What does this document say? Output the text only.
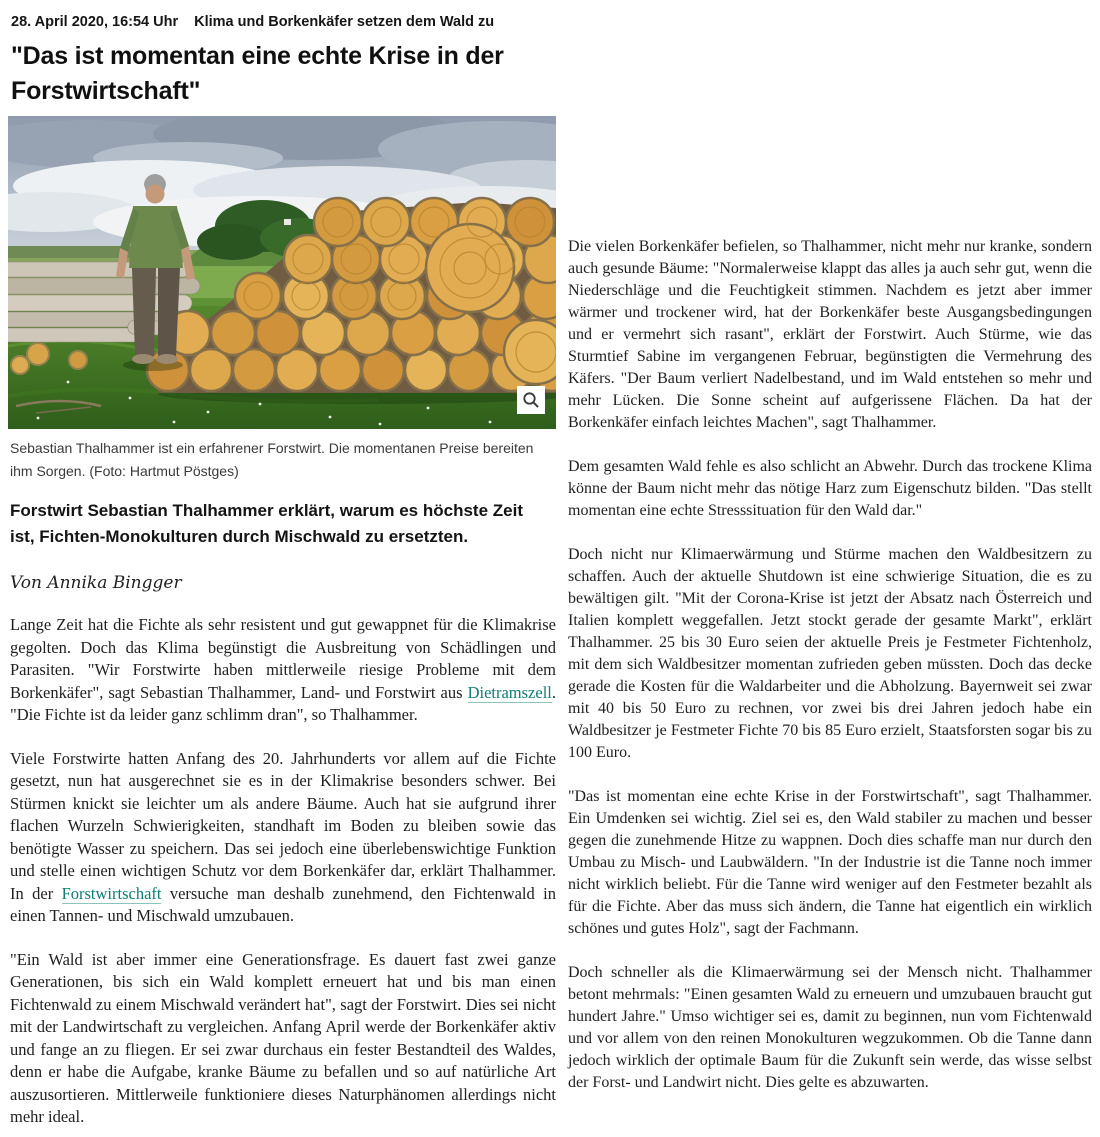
28. April 2020, 16:54 Uhr Klima und Borkenkäfer setzen dem Wald zu
"Das ist momentan eine echte Krise in der Forstwirtschaft"
Sebastian Thalhammer ist ein erfahrener Forstwirt. Die momentanen Preise bereiten ihm Sorgen. (Foto: Hartmut Pöstges)

Forstwirt Sebastian Thalhammer erklärt, warum es höchste Zeit ist, Fichten-Monokulturen durch Mischwald zu ersetzten.

Von Annika Bingger

Lange Zeit hat die Fichte als sehr resistent und gut gewappnet für die Klimakrise gegolten. Doch das Klima begünstigt die Ausbreitung von Schädlingen und Parasiten. "Wir Forstwirte haben mittlerweile riesige Probleme mit dem Borkenkäfer", sagt Sebastian Thalhammer, Land- und Forstwirt aus Dietramszell. "Die Fichte ist da leider ganz schlimm dran", so Thalhammer.

Viele Forstwirte hatten Anfang des 20. Jahrhunderts vor allem auf die Fichte gesetzt, nun hat ausgerechnet sie es in der Klimakrise besonders schwer. Bei Stürmen knickt sie leichter um als andere Bäume. Auch hat sie aufgrund ihrer flachen Wurzeln Schwierigkeiten, standhaft im Boden zu bleiben sowie das benötigte Wasser zu speichern. Das sei jedoch eine überlebenswichtige Funktion und stelle einen wichtigen Schutz vor dem Borkenkäfer dar, erklärt Thalhammer. In der Forstwirtschaft versuche man deshalb zunehmend, den Fichtenwald in einen Tannen- und Mischwald umzubauen.

"Ein Wald ist aber immer eine Generationsfrage. Es dauert fast zwei ganze Generationen, bis sich ein Wald komplett erneuert hat und bis man einen Fichtenwald zu einem Mischwald verändert hat", sagt der Forstwirt. Dies sei nicht mit der Landwirtschaft zu vergleichen. Anfang April werde der Borkenkäfer aktiv und fange an zu fliegen. Er sei zwar durchaus ein fester Bestandteil des Waldes, denn er habe die Aufgabe, kranke Bäume zu befallen und so auf natürliche Art auszusortieren. Mittlerweile funktioniere dieses Naturphänomen allerdings nicht mehr ideal.

Die vielen Borkenkäfer befielen, so Thalhammer, nicht mehr nur kranke, sondern auch gesunde Bäume: "Normalerweise klappt das alles ja auch sehr gut, wenn die Niederschläge und die Feuchtigkeit stimmen. Nachdem es jetzt aber immer wärmer und trockener wird, hat der Borkenkäfer beste Ausgangsbedingungen und er vermehrt sich rasant", erklärt der Forstwirt. Auch Stürme, wie das Sturmtief Sabine im vergangenen Februar, begünstigten die Vermehrung des Käfers. "Der Baum verliert Nadelbestand, und im Wald entstehen so mehr und mehr Lücken. Die Sonne scheint auf aufgerissene Flächen. Da hat der Borkenkäfer einfach leichtes Machen", sagt Thalhammer.

Dem gesamten Wald fehle es also schlicht an Abwehr. Durch das trockene Klima könne der Baum nicht mehr das nötige Harz zum Eigenschutz bilden. "Das stellt momentan eine echte Stresssituation für den Wald dar."

Doch nicht nur Klimaerwärmung und Stürme machen den Waldbesitzern zu schaffen. Auch der aktuelle Shutdown ist eine schwierige Situation, die es zu bewältigen gilt. "Mit der Corona-Krise ist jetzt der Absatz nach Österreich und Italien komplett weggefallen. Jetzt stockt gerade der gesamte Markt", erklärt Thalhammer. 25 bis 30 Euro seien der aktuelle Preis je Festmeter Fichtenholz, mit dem sich Waldbesitzer momentan zufrieden geben müssten. Doch das decke gerade die Kosten für die Waldarbeiter und die Abholzung. Bayernweit sei zwar mit 40 bis 50 Euro zu rechnen, vor zwei bis drei Jahren jedoch habe ein Waldbesitzer je Festmeter Fichte 70 bis 85 Euro erzielt, Staatsforsten sogar bis zu 100 Euro.

"Das ist momentan eine echte Krise in der Forstwirtschaft", sagt Thalhammer. Ein Umdenken sei wichtig. Ziel sei es, den Wald stabiler zu machen und besser gegen die zunehmende Hitze zu wappnen. Doch dies schaffe man nur durch den Umbau zu Misch- und Laubwäldern. "In der Industrie ist die Tanne noch immer nicht wirklich beliebt. Für die Tanne wird weniger auf den Festmeter bezahlt als für die Fichte. Aber das muss sich ändern, die Tanne hat eigentlich ein wirklich schönes und gutes Holz", sagt der Fachmann.

Doch schneller als die Klimaerwärmung sei der Mensch nicht. Thalhammer betont mehrmals: "Einen gesamten Wald zu erneuern und umzubauen braucht gut hundert Jahre." Umso wichtiger sei es, damit zu beginnen, nun vom Fichtenwald und vor allem von den reinen Monokulturen wegzukommen. Ob die Tanne dann jedoch wirklich der optimale Baum für die Zukunft sein werde, das wisse selbst der Forst- und Landwirt nicht. Dies gelte es abzuwarten.
